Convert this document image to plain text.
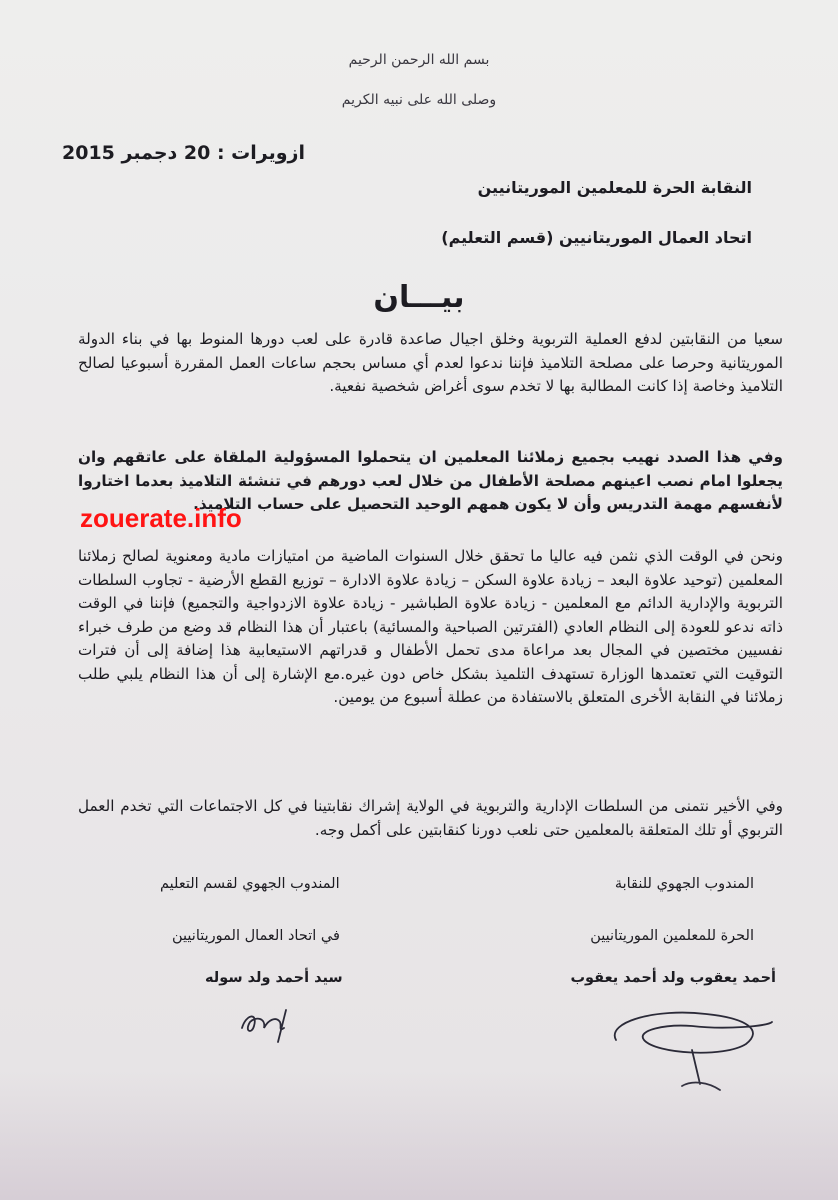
بسم الله الرحمن الرحيم
وصلى الله على نبيه الكريم
ازويرات : 20 دجمبر 2015
النقابة الحرة للمعلمين الموريتانيين
اتحاد العمال الموريتانيين (قسم التعليم)
بيـــان
سعيا من النقابتين لدفع العملية التربوية وخلق اجيال صاعدة قادرة على لعب دورها المنوط بها في بناء الدولة الموريتانية وحرصا على مصلحة التلاميذ فإننا ندعوا لعدم أي مساس بحجم ساعات العمل المقررة أسبوعيا لصالح التلاميذ وخاصة إذا كانت المطالبة بها لا تخدم سوى أغراض شخصية نفعية.
وفي هذا الصدد نهيب بجميع زملائنا المعلمين ان يتحملوا المسؤولية الملقاة على عاتقهم وان يجعلوا امام نصب اعينهم مصلحة الأطفال من خلال لعب دورهم في تنشئة التلاميذ بعدما اختاروا لأنفسهم مهمة التدريس وأن لا يكون همهم الوحيد التحصيل على حساب التلاميذ.
ونحن في الوقت الذي نثمن فيه عاليا ما تحقق خلال السنوات الماضية من امتيازات مادية ومعنوية لصالح زملائنا المعلمين (توحيد علاوة البعد – زيادة علاوة السكن – زيادة علاوة الادارة – توزيع القطع الأرضية - تجاوب السلطات التربوية والإدارية الدائم مع المعلمين - زيادة علاوة الطباشير - زيادة علاوة الازدواجية والتجميع) فإننا في الوقت ذاته ندعو للعودة إلى النظام العادي (الفترتين الصباحية والمسائية) باعتبار أن هذا النظام قد وضع من طرف خبراء نفسيين مختصين في المجال بعد مراعاة مدى تحمل الأطفال و قدراتهم الاستيعابية هذا إضافة إلى أن فترات التوقيت التي تعتمدها الوزارة تستهدف التلميذ بشكل خاص دون غيره.مع الإشارة إلى أن هذا النظام يلبي طلب زملائنا في النقابة الأخرى المتعلق بالاستفادة من عطلة أسبوع من يومين.
وفي الأخير نتمنى من السلطات الإدارية والتربوية في الولاية إشراك نقابتينا في كل الاجتماعات التي تخدم العمل التربوي أو تلك المتعلقة بالمعلمين حتى نلعب دورنا كنقابتين على أكمل وجه.
zouerate.info
المندوب الجهوي للنقابة
الحرة للمعلمين الموريتانيين
أحمد يعقوب ولد أحمد يعقوب
المندوب الجهوي لقسم التعليم
في اتحاد العمال الموريتانيين
سيد أحمد ولد سوله
